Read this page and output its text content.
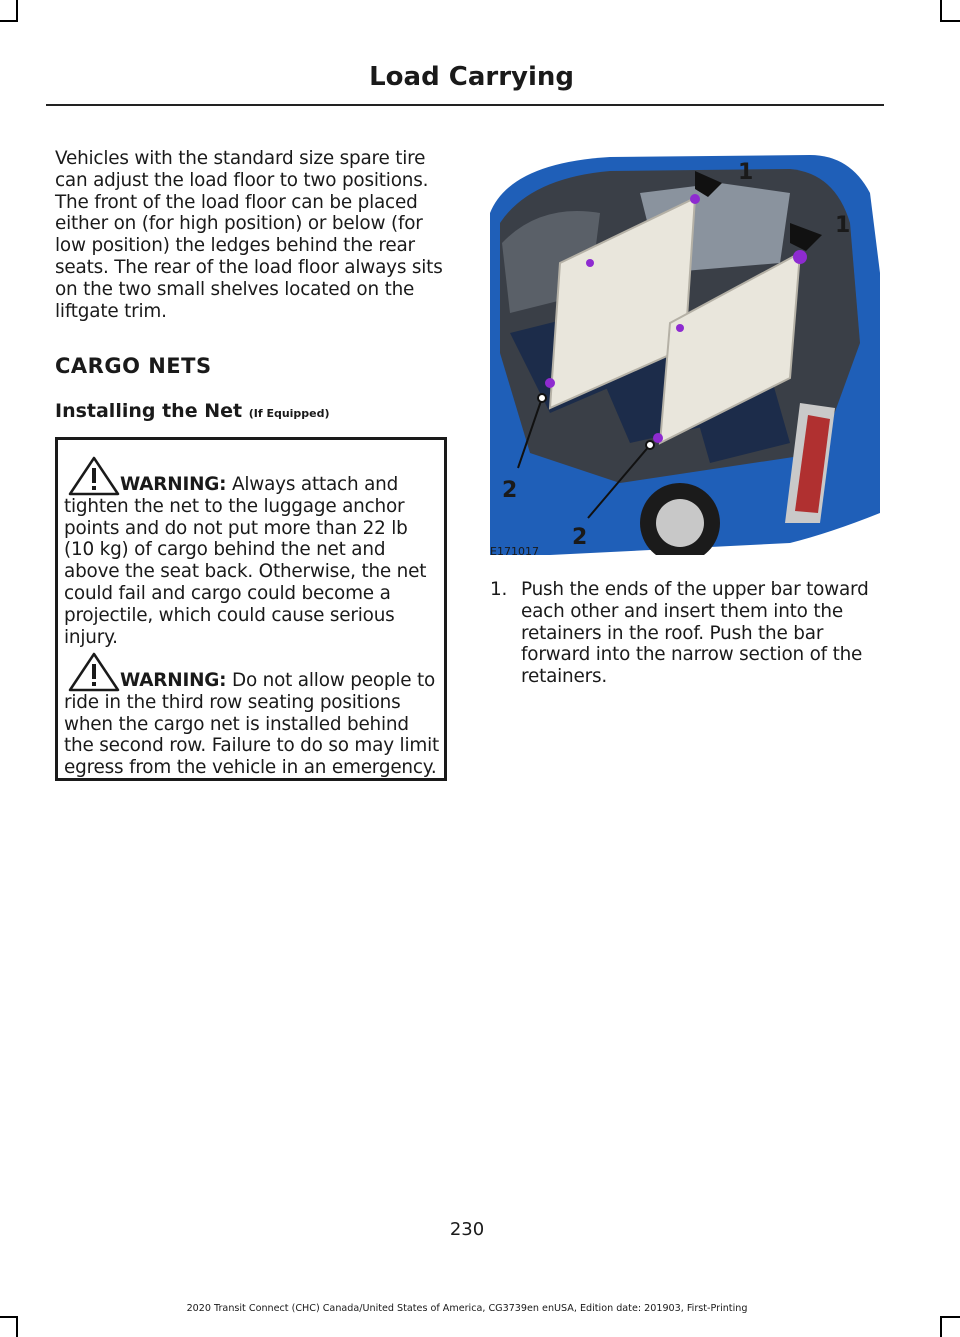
Load Carrying

Vehicles with the standard size spare tire can adjust the load floor to two positions. The front of the load floor can be placed either on (for high position) or below (for low position) the ledges behind the rear seats. The rear of the load floor always sits on the two small shelves located on the liftgate trim.

CARGO NETS
Installing the Net (If Equipped)
WARNING: Always attach and tighten the net to the luggage anchor points and do not put more than 22 lb (10 kg) of cargo behind the net and above the seat back. Otherwise, the net could fail and cargo could become a projectile, which could cause serious injury.
WARNING: Do not allow people to ride in the third row seating positions when the cargo net is installed behind the second row. Failure to do so may limit egress from the vehicle in an emergency.
1
1
2
2
E171017
1. Push the ends of the upper bar toward each other and insert them into the retainers in the roof. Push the bar forward into the narrow section of the retainers.
230
2020 Transit Connect (CHC) Canada/United States of America, CG3739en enUSA, Edition date: 201903, First-Printing
